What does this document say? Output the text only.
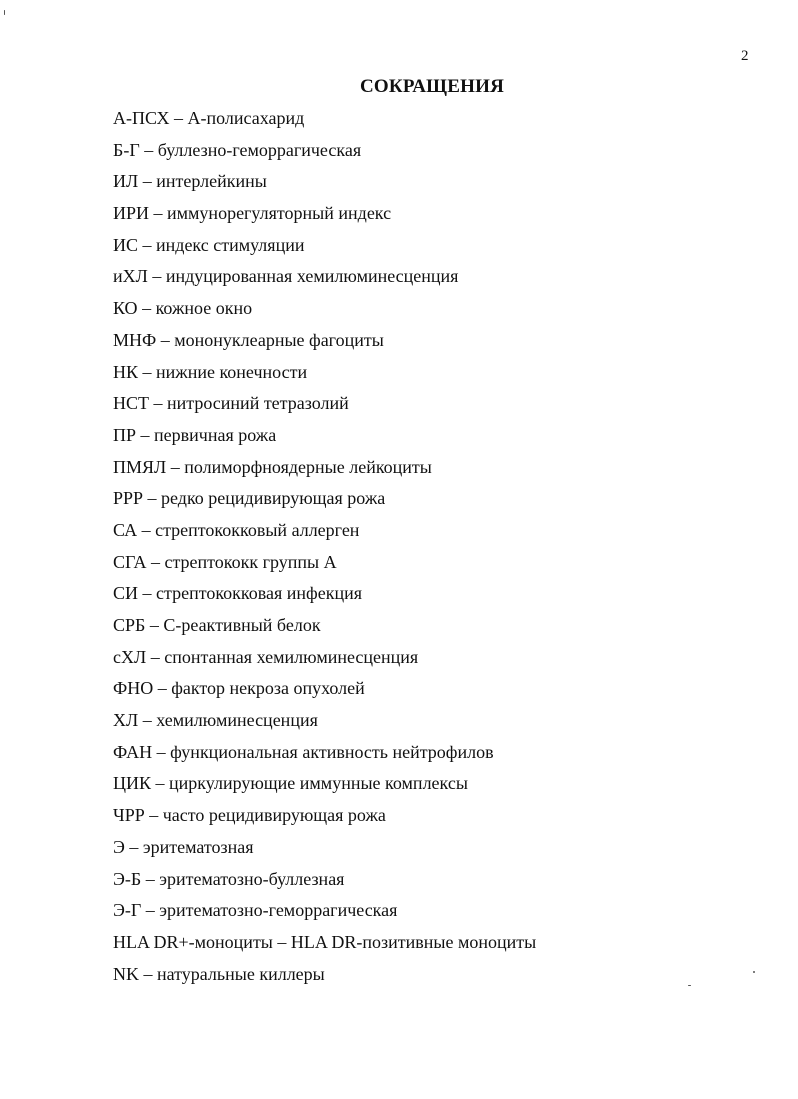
2
СОКРАЩЕНИЯ
А-ПСХ – А-полисахарид
Б-Г – буллезно-геморрагическая
ИЛ – интерлейкины
ИРИ – иммунорегуляторный индекс
ИС – индекс стимуляции
иХЛ – индуцированная хемилюминесценция
КО – кожное окно
МНФ – мононуклеарные фагоциты
НК – нижние конечности
НСТ – нитросиний тетразолий
ПР – первичная рожа
ПМЯЛ – полиморфноядерные лейкоциты
РРР – редко рецидивирующая рожа
СА – стрептококковый аллерген
СГА – стрептококк группы А
СИ – стрептококковая инфекция
СРБ – С-реактивный белок
сХЛ – спонтанная хемилюминесценция
ФНО – фактор некроза опухолей
ХЛ – хемилюминесценция
ФАН – функциональная активность нейтрофилов
ЦИК – циркулирующие иммунные комплексы
ЧРР – часто рецидивирующая рожа
Э – эритематозная
Э-Б – эритематозно-буллезная
Э-Г – эритематозно-геморрагическая
HLA DR+-моноциты – HLA DR-позитивные моноциты
NK – натуральные киллеры
